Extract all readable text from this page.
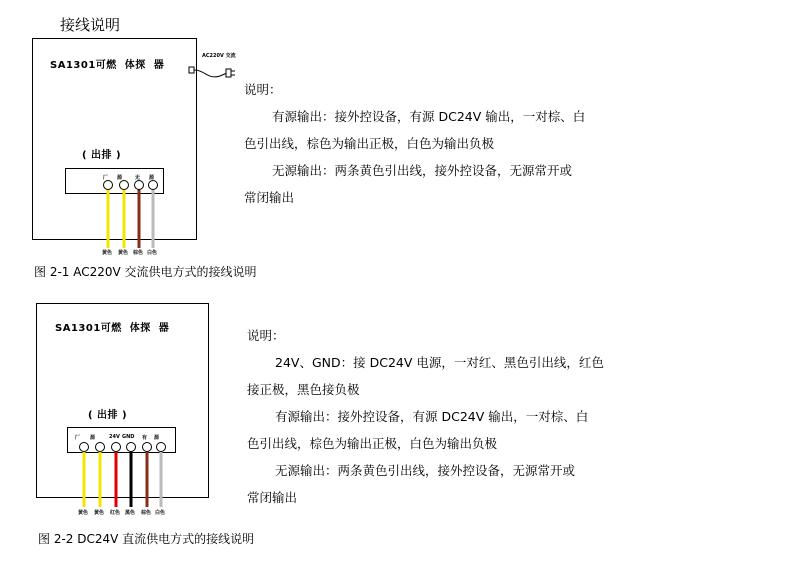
接线说明
SA1301可燃  体探  器
( 出排 )
厂 源	无 源
AC220V 交流
黄色 黄色 棕色 白色
说明：
有源输出：接外控设备，有源 DC24V 输出，一对棕、白
色引出线，棕色为输出正极，白色为输出负极
无源输出：两条黄色引出线，接外控设备，无源常开或
常闭输出
图 2-1 AC220V 交流供电方式的接线说明
SA1301可燃  体探  器
( 出排 )
厂 源	24V GND 有 源
黄色 黄色 红色 黑色 棕色 白色
说明：
24V、GND：接 DC24V 电源，一对红、黑色引出线，红色
接正极，黑色接负极
有源输出：接外控设备，有源 DC24V 输出，一对棕、白
色引出线，棕色为输出正极，白色为输出负极
无源输出：两条黄色引出线，接外控设备，无源常开或
常闭输出
图 2-2 DC24V 直流供电方式的接线说明
